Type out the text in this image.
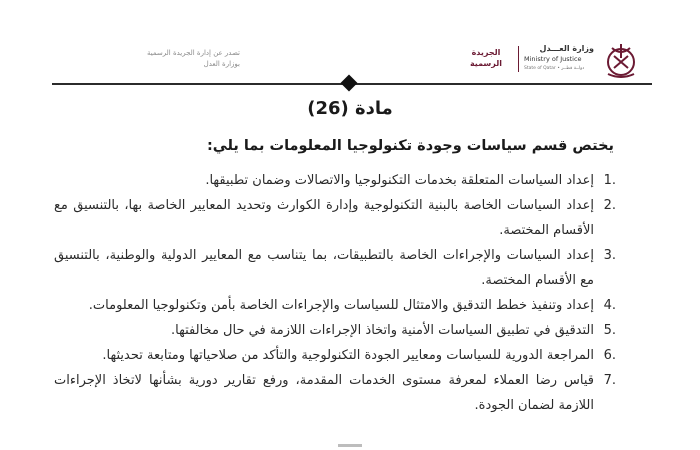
تصدر عن إدارة الجريدة الرسمية
بوزارة العدل
الجريدة
الرسمية
وزارة العـــدل
Ministry of Justice
State of Qatar • دولــة قطــر
مادة (26)
يختص قسم سياسات وجودة تكنولوجيا المعلومات بما يلي:
.1
إعداد السياسات المتعلقة بخدمات التكنولوجيا والاتصالات وضمان تطبيقها.
.2
إعداد السياسات الخاصة بالبنية التكنولوجية وإدارة الكوارث وتحديد المعايير الخاصة بها، بالتنسيق مع الأقسام المختصة.
.3
إعداد السياسات والإجراءات الخاصة بالتطبيقات، بما يتناسب مع المعايير الدولية والوطنية، بالتنسيق مع الأقسام المختصة.
.4
إعداد وتنفيذ خطط التدقيق والامتثال للسياسات والإجراءات الخاصة بأمن وتكنولوجيا المعلومات.
.5
التدقيق في تطبيق السياسات الأمنية واتخاذ الإجراءات اللازمة في حال مخالفتها.
.6
المراجعة الدورية للسياسات ومعايير الجودة التكنولوجية والتأكد من صلاحياتها ومتابعة تحديثها.
.7
قياس رضا العملاء لمعرفة مستوى الخدمات المقدمة، ورفع تقارير دورية بشأنها لاتخاذ الإجراءات اللازمة لضمان الجودة.
